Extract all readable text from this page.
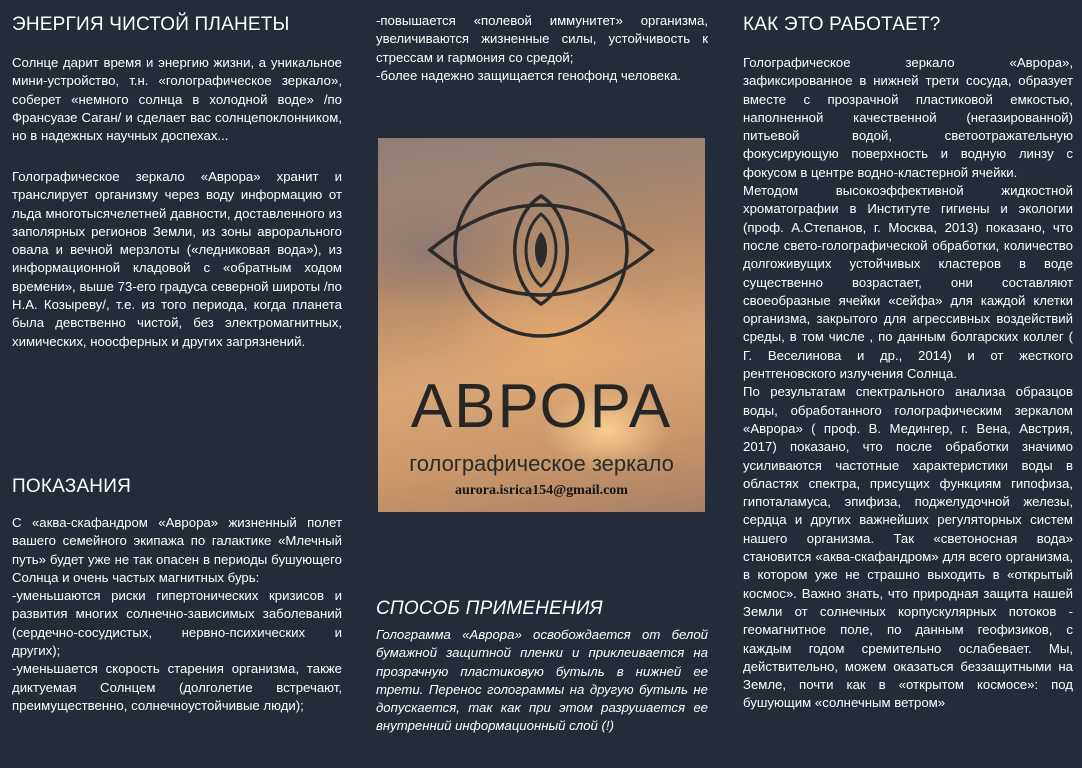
ЭНЕРГИЯ ЧИСТОЙ ПЛАНЕТЫ

Солнце дарит время и энергию жизни, а уникальное мини-устройство, т.н. «голографическое зеркало», соберет «немного солнца в холодной воде» /по Франсуазе Саган/ и сделает вас солнцепоклонником, но в надежных научных доспехах...

Голографическое зеркало «Аврора» хранит и транслирует организму через воду информацию от льда многотысячелетней давности, доставленного из заполярных регионов Земли, из зоны аврорального овала и вечной мерзлоты («ледниковая вода»), из информационной кладовой с «обратным ходом времени», выше 73-его градуса северной широты /по Н.А. Козыреву/, т.е. из того периода, когда планета была девственно чистой, без электромагнитных, химических, ноосферных и других загрязнений.

ПОКАЗАНИЯ

С «аква-скафандром «Аврора» жизненный полет вашего семейного экипажа по галактике «Млечный путь» будет уже не так опасен в периоды бушующего Солнца и очень частых магнитных бурь:
-уменьшаются риски гипертонических кризисов и развития многих солнечно-зависимых заболеваний (сердечно-сосудистых, нервно-психических и других);
-уменьшается скорость старения организма, также диктуемая Солнцем (долголетие встречают, преимущественно, солнечноустойчивые люди);

-повышается «полевой иммунитет» организма, увеличиваются жизненные силы, устойчивость к стрессам и гармония со средой;
-более надежно защищается генофонд человека.

АВРОРА
голографическое зеркало
aurora.isrica154@gmail.com
СПОСОБ ПРИМЕНЕНИЯ

Голограмма «Аврора» освобождается от белой бумажной защитной пленки и приклеивается на прозрачную пластиковую бутыль в нижней ее трети. Перенос голограммы на другую бутыль не допускается, так как при этом разрушается ее внутренний информационный слой (!)

КАК ЭТО РАБОТАЕТ?

Голографическое зеркало «Аврора», зафиксированное в нижней трети сосуда, образует вместе с прозрачной пластиковой емкостью, наполненной качественной (негазированной) питьевой водой, светоотражательную фокусирующую поверхность и водную линзу с фокусом в центре водно-кластерной ячейки.
Методом высокоэффективной жидкостной хроматографии в Институте гигиены и экологии (проф. А.Степанов, г. Москва, 2013) показано, что после свето-голографической обработки, количество долгоживущих устойчивых кластеров в воде существенно возрастает, они составляют своеобразные ячейки «сейфа» для каждой клетки организма, закрытого для агрессивных воздействий среды, в том числе , по данным болгарских коллег ( Г. Веселинова и др., 2014) и от жесткого рентгеновского излучения Солнца.
По результатам спектрального анализа образцов воды, обработанного голографическим зеркалом «Аврора» ( проф. В. Медингер, г. Вена, Австрия, 2017) показано, что после обработки значимо усиливаются частотные характеристики воды в областях спектра, присущих функциям гипофиза, гипоталамуса, эпифиза, поджелудочной железы, сердца и других важнейших регуляторных систем нашего организма. Так «светоносная вода» становится «аква-скафандром» для всего организма, в котором уже не страшно выходить в «открытый космос». Важно знать, что природная защита нашей Земли от солнечных корпускулярных потоков - геомагнитное поле, по данным геофизиков, с каждым годом сремительно ослабевает. Мы, действительно, можем оказаться беззащитными на Земле, почти как в «открытом космосе»: под бушующим «солнечным ветром»
